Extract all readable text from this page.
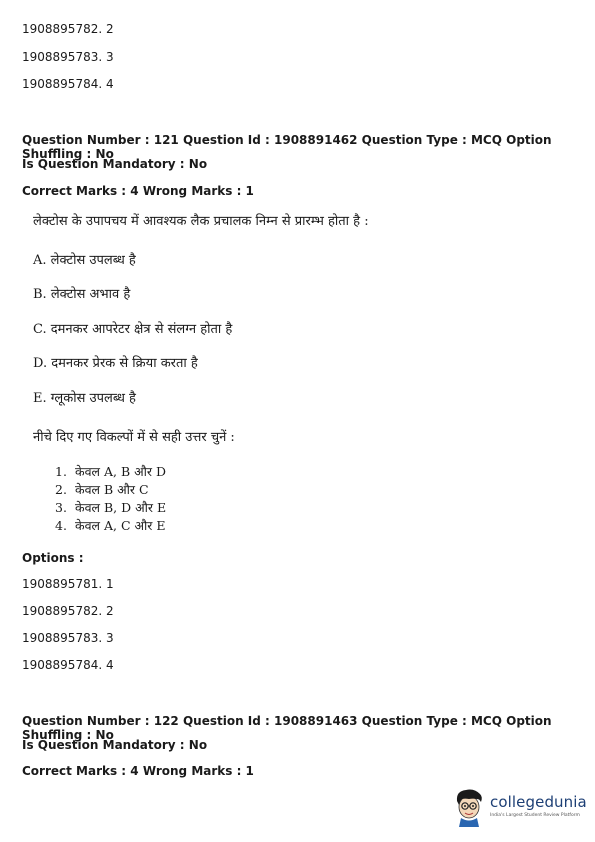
1908895782. 2
1908895783. 3
1908895784. 4
Question Number : 121 Question Id : 1908891462 Question Type : MCQ Option Shuffling : No
Is Question Mandatory : No
Correct Marks : 4 Wrong Marks : 1
लेक्टोस के उपापचय में आवश्यक लैक प्रचालक निम्न से प्रारम्भ होता है :
A. लेक्टोस उपलब्ध है
B. लेक्टोस अभाव है
C. दमनकर आपरेटर क्षेत्र से संलग्न होता है
D. दमनकर प्रेरक से क्रिया करता है
E. ग्लूकोस उपलब्ध है
नीचे दिए गए विकल्पों में से सही उत्तर चुनें :
1. केवल A, B और D
2. केवल B और C
3. केवल B, D और E
4. केवल A, C और E
Options :
1908895781. 1
1908895782. 2
1908895783. 3
1908895784. 4
Question Number : 122 Question Id : 1908891463 Question Type : MCQ Option Shuffling : No
Is Question Mandatory : No
Correct Marks : 4 Wrong Marks : 1
collegedunia
India's Largest Student Review Platform
